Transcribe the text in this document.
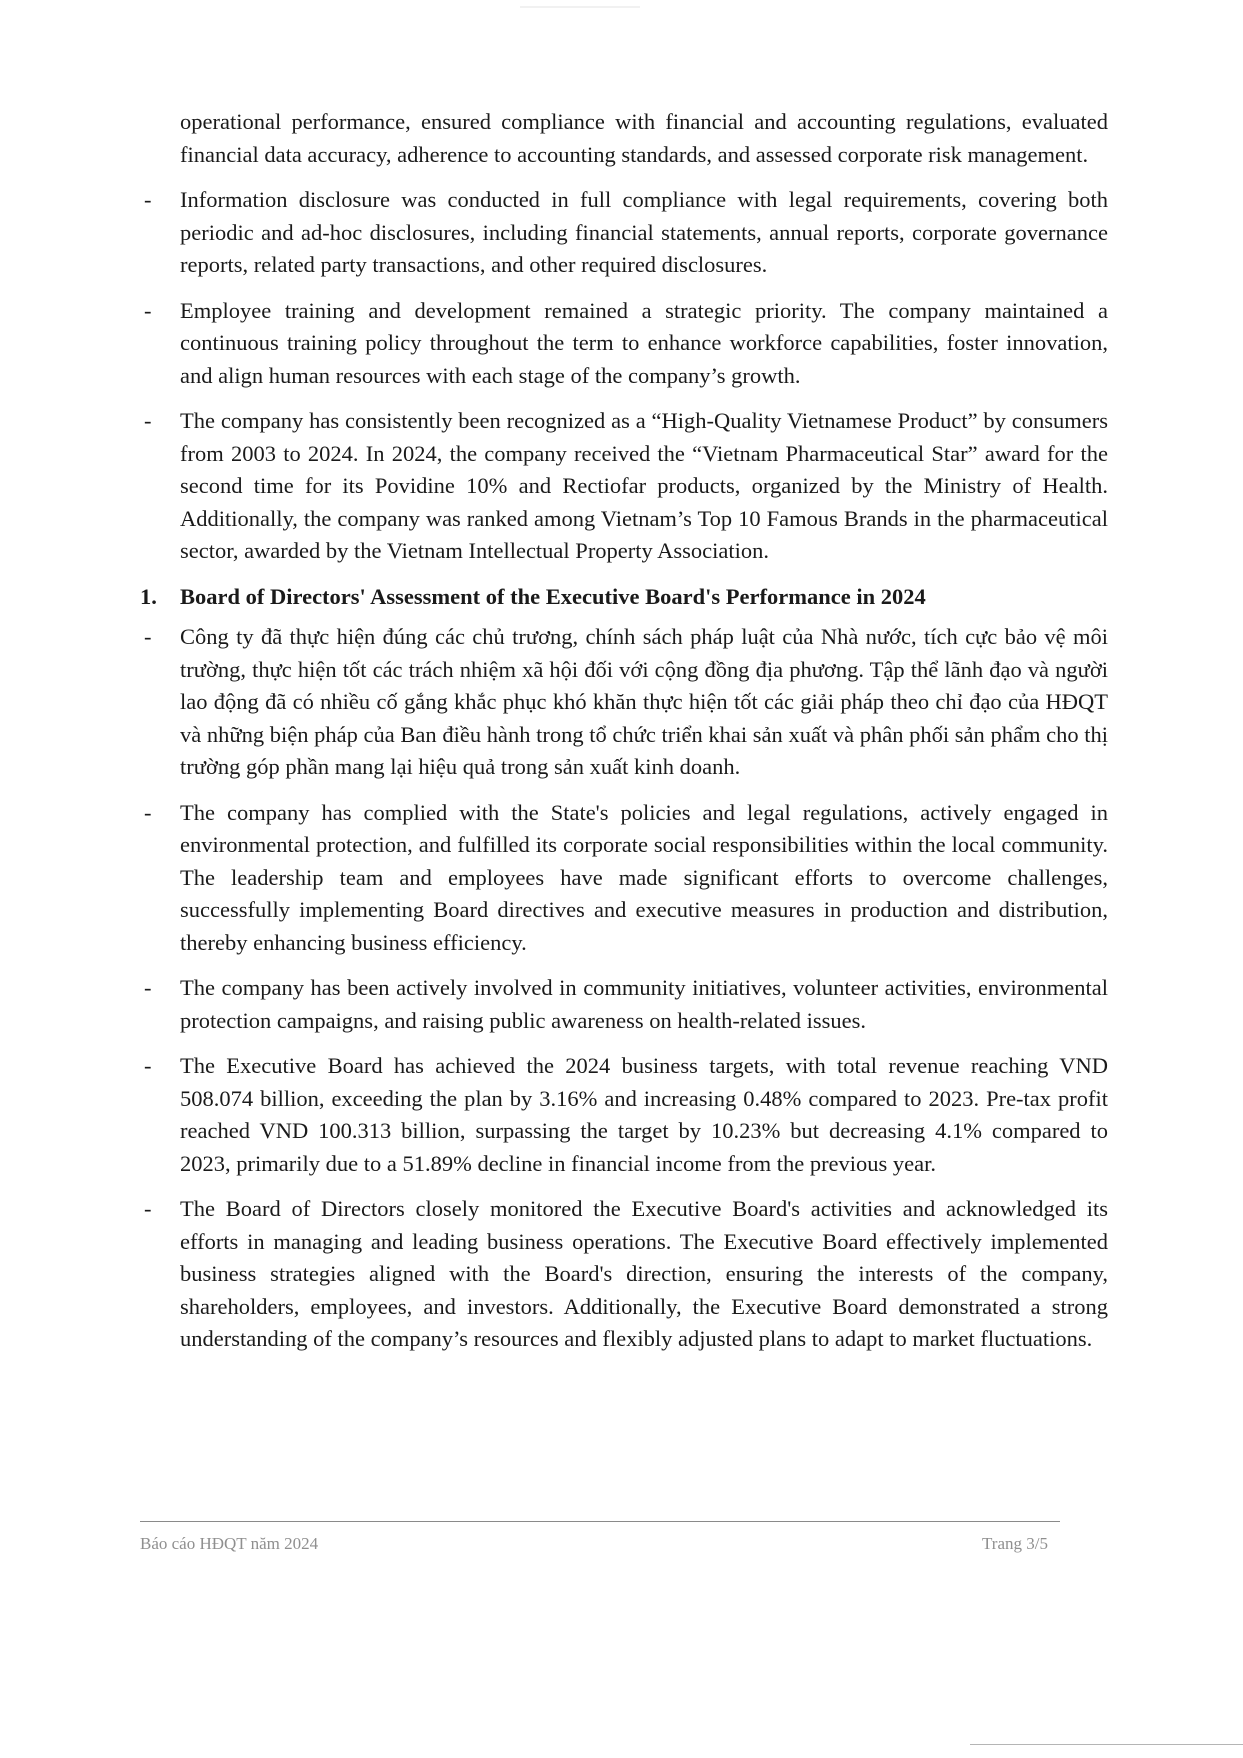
operational performance, ensured compliance with financial and accounting regulations, evaluated financial data accuracy, adherence to accounting standards, and assessed corporate risk management.

- Information disclosure was conducted in full compliance with legal requirements, covering both periodic and ad-hoc disclosures, including financial statements, annual reports, corporate governance reports, related party transactions, and other required disclosures.
- Employee training and development remained a strategic priority. The company maintained a continuous training policy throughout the term to enhance workforce capabilities, foster innovation, and align human resources with each stage of the company’s growth.
- The company has consistently been recognized as a “High-Quality Vietnamese Product” by consumers from 2003 to 2024. In 2024, the company received the “Vietnam Pharmaceutical Star” award for the second time for its Povidine 10% and Rectiofar products, organized by the Ministry of Health. Additionally, the company was ranked among Vietnam’s Top 10 Famous Brands in the pharmaceutical sector, awarded by the Vietnam Intellectual Property Association.
1. Board of Directors' Assessment of the Executive Board's Performance in 2024
- Công ty đã thực hiện đúng các chủ trương, chính sách pháp luật của Nhà nước, tích cực bảo vệ môi trường, thực hiện tốt các trách nhiệm xã hội đối với cộng đồng địa phương. Tập thể lãnh đạo và người lao động đã có nhiều cố gắng khắc phục khó khăn thực hiện tốt các giải pháp theo chỉ đạo của HĐQT và những biện pháp của Ban điều hành trong tổ chức triển khai sản xuất và phân phối sản phẩm cho thị trường góp phần mang lại hiệu quả trong sản xuất kinh doanh.
- The company has complied with the State's policies and legal regulations, actively engaged in environmental protection, and fulfilled its corporate social responsibilities within the local community. The leadership team and employees have made significant efforts to overcome challenges, successfully implementing Board directives and executive measures in production and distribution, thereby enhancing business efficiency.
- The company has been actively involved in community initiatives, volunteer activities, environmental protection campaigns, and raising public awareness on health-related issues.
- The Executive Board has achieved the 2024 business targets, with total revenue reaching VND 508.074 billion, exceeding the plan by 3.16% and increasing 0.48% compared to 2023. Pre-tax profit reached VND 100.313 billion, surpassing the target by 10.23% but decreasing 4.1% compared to 2023, primarily due to a 51.89% decline in financial income from the previous year.
- The Board of Directors closely monitored the Executive Board's activities and acknowledged its efforts in managing and leading business operations. The Executive Board effectively implemented business strategies aligned with the Board's direction, ensuring the interests of the company, shareholders, employees, and investors. Additionally, the Executive Board demonstrated a strong understanding of the company’s resources and flexibly adjusted plans to adapt to market fluctuations.
Báo cáo HĐQT năm 2024	Trang 3/5
